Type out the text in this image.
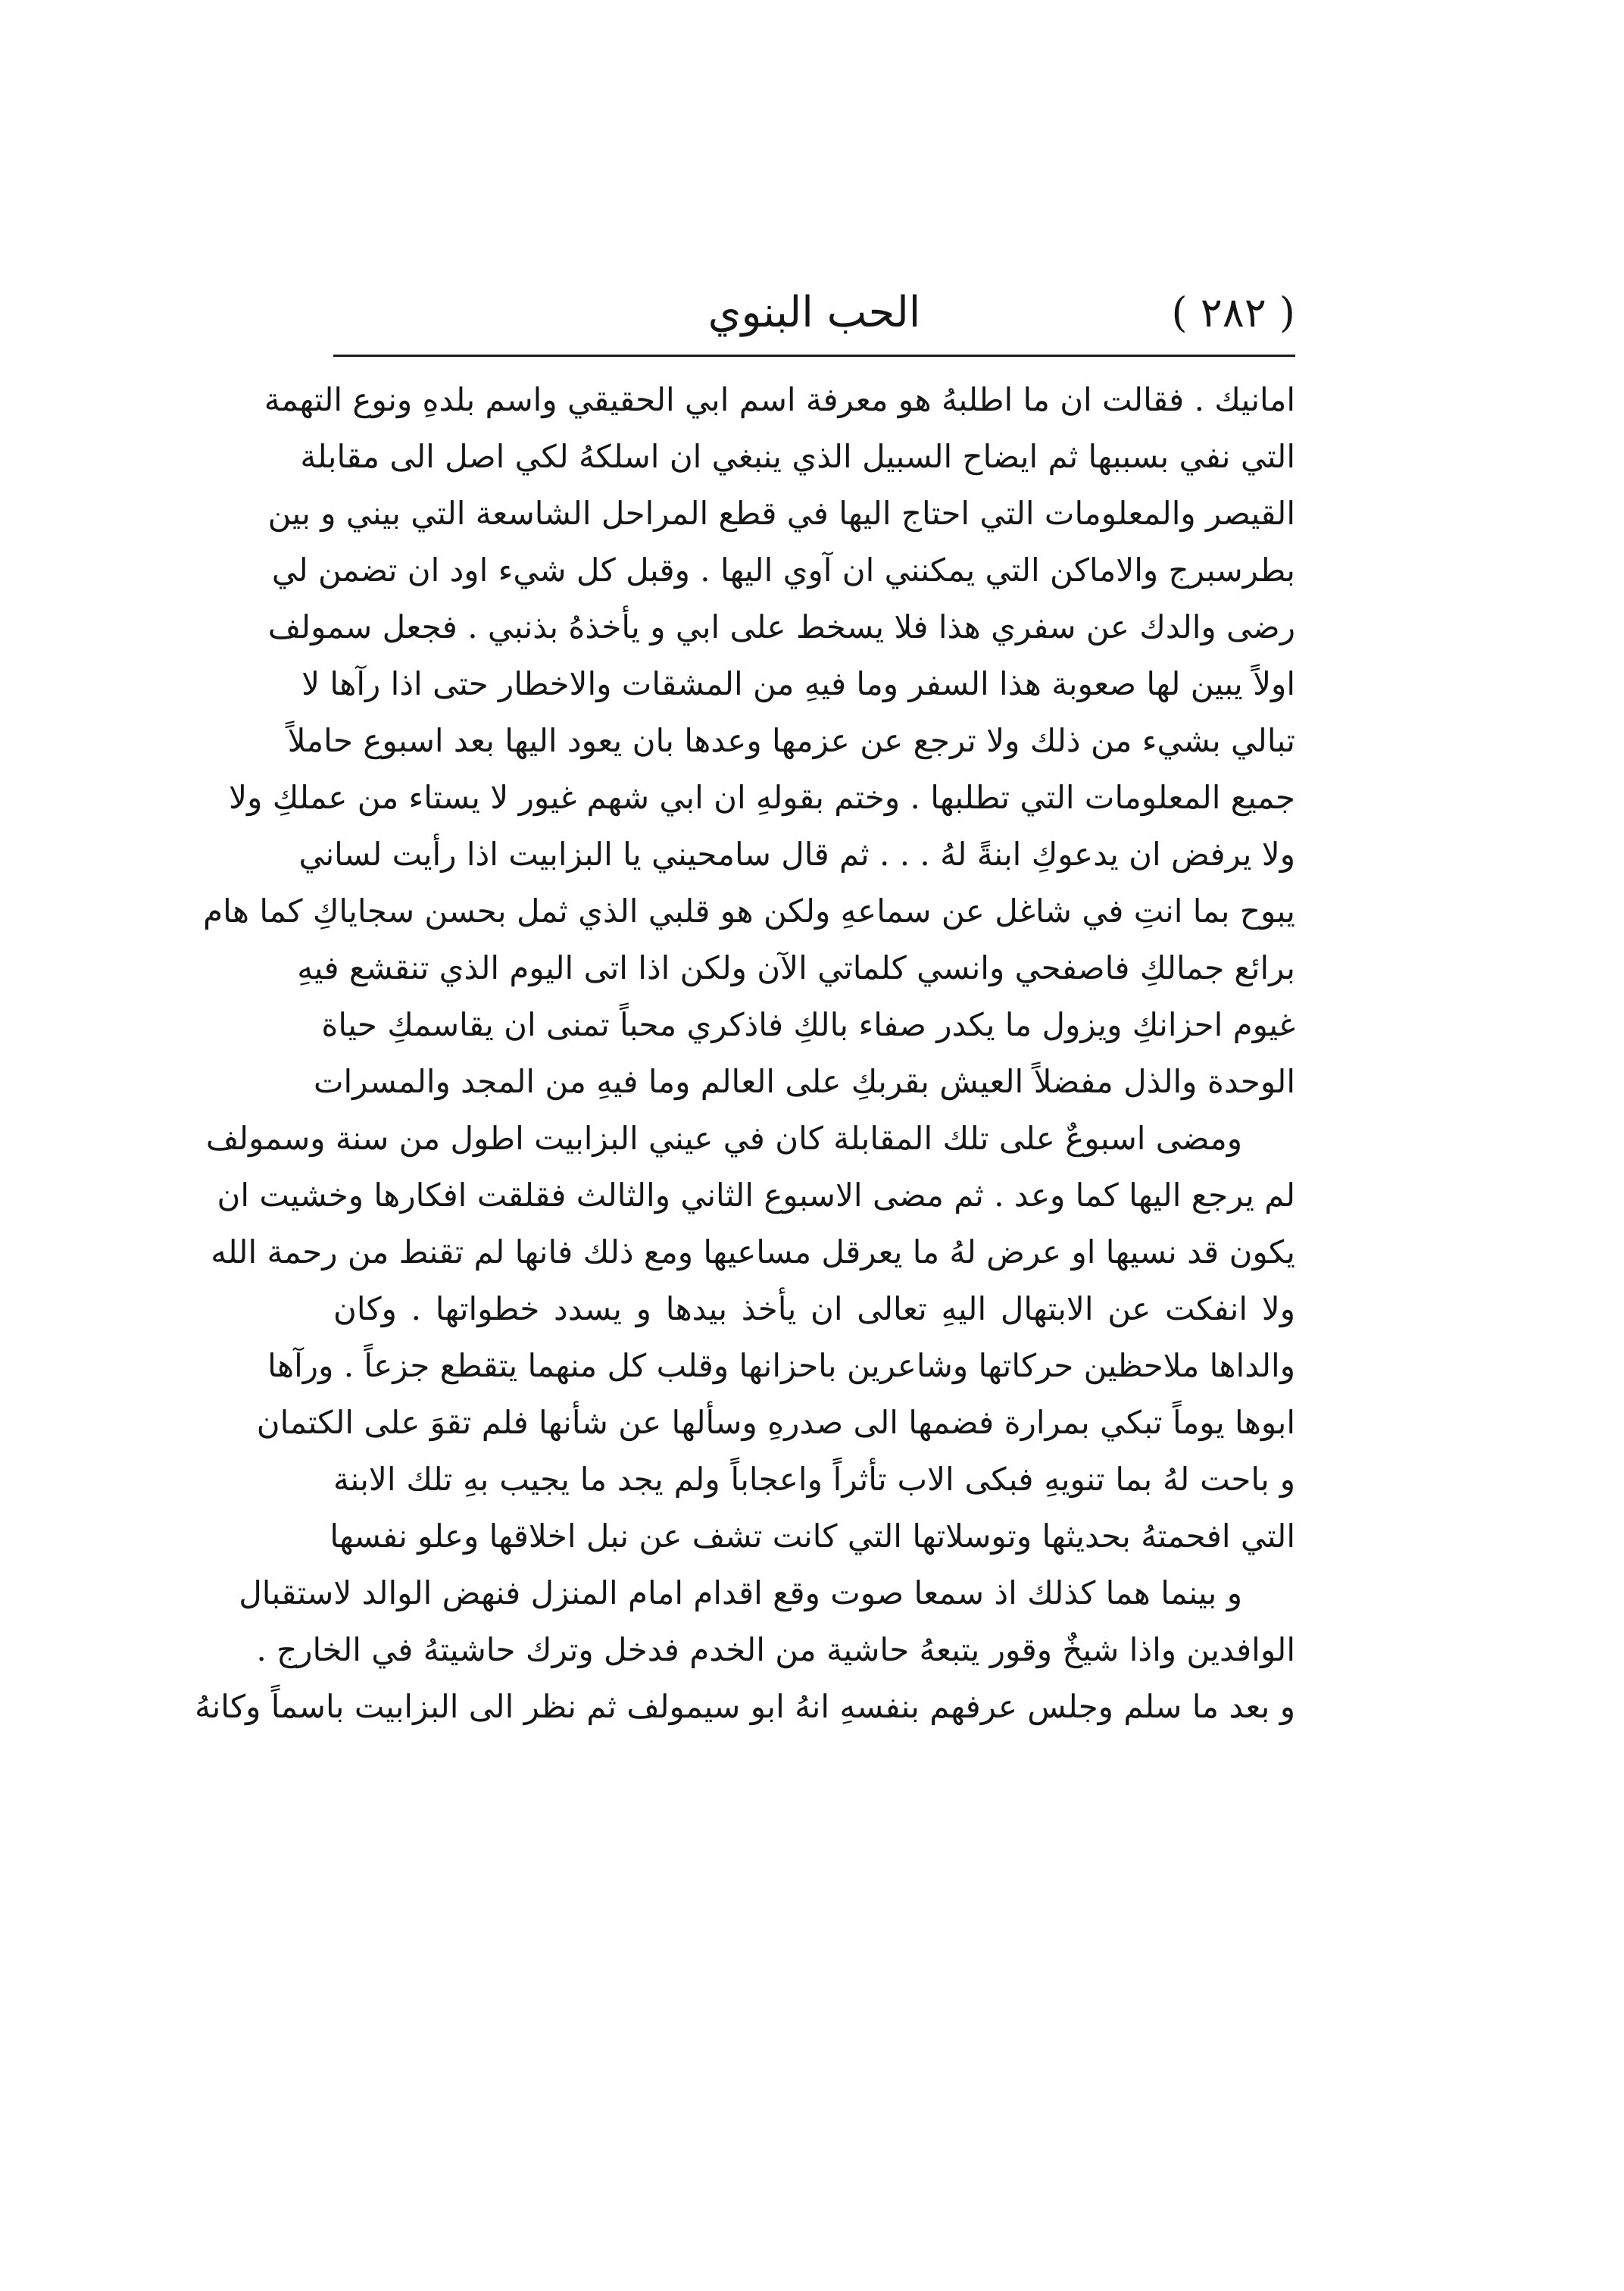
( ٢٨٢ )
الحب البنوي
امانيك . فقالت ان ما اطلبهُ هو معرفة اسم ابي الحقيقي واسم بلدهِ ونوع التهمة
التي نفي بسببها ثم ايضاح السبيل الذي ينبغي ان اسلكهُ لكي اصل الى مقابلة
القيصر والمعلومات التي احتاج اليها في قطع المراحل الشاسعة التي بيني و بين
بطرسبرج والاماكن التي يمكنني ان آوي اليها . وقبل كل شيء اود ان تضمن لي
رضى والدك عن سفري هذا فلا يسخط على ابي و يأخذهُ بذنبي . فجعل سمولف
اولاً يبين لها صعوبة هذا السفر وما فيهِ من المشقات والاخطار حتى اذا رآها لا
تبالي بشيء من ذلك ولا ترجع عن عزمها وعدها بان يعود اليها بعد اسبوع حاملاً
جميع المعلومات التي تطلبها . وختم بقولهِ ان ابي شهم غيور لا يستاء من عملكِ ولا
ولا يرفض ان يدعوكِ ابنةً لهُ . . . ثم قال سامحيني يا البزابيت اذا رأيت لساني
يبوح بما انتِ في شاغل عن سماعهِ ولكن هو قلبي الذي ثمل بحسن سجاياكِ كما هام
برائع جمالكِ فاصفحي وانسي كلماتي الآن ولكن اذا اتى اليوم الذي تنقشع فيهِ
غيوم احزانكِ ويزول ما يكدر صفاء بالكِ فاذكري محباً تمنى ان يقاسمكِ حياة
الوحدة والذل مفضلاً العيش بقربكِ على العالم وما فيهِ من المجد والمسرات
ومضى اسبوعٌ على تلك المقابلة كان في عيني البزابيت اطول من سنة وسمولف
لم يرجع اليها كما وعد . ثم مضى الاسبوع الثاني والثالث فقلقت افكارها وخشيت ان
يكون قد نسيها او عرض لهُ ما يعرقل مساعيها ومع ذلك فانها لم تقنط من رحمة الله
ولا انفكت عن الابتهال اليهِ تعالى ان يأخذ بيدها و يسدد خطواتها . وكان
والداها ملاحظين حركاتها وشاعرين باحزانها وقلب كل منهما يتقطع جزعاً . ورآها
ابوها يوماً تبكي بمرارة فضمها الى صدرهِ وسألها عن شأنها فلم تقوَ على الكتمان
و باحت لهُ بما تنويهِ فبكى الاب تأثراً واعجاباً ولم يجد ما يجيب بهِ تلك الابنة
التي افحمتهُ بحديثها وتوسلاتها التي كانت تشف عن نبل اخلاقها وعلو نفسها
و بينما هما كذلك اذ سمعا صوت وقع اقدام امام المنزل فنهض الوالد لاستقبال
الوافدين واذا شيخٌ وقور يتبعهُ حاشية من الخدم فدخل وترك حاشيتهُ في الخارج .
و بعد ما سلم وجلس عرفهم بنفسهِ انهُ ابو سيمولف ثم نظر الى البزابيت باسماً وكانهُ
